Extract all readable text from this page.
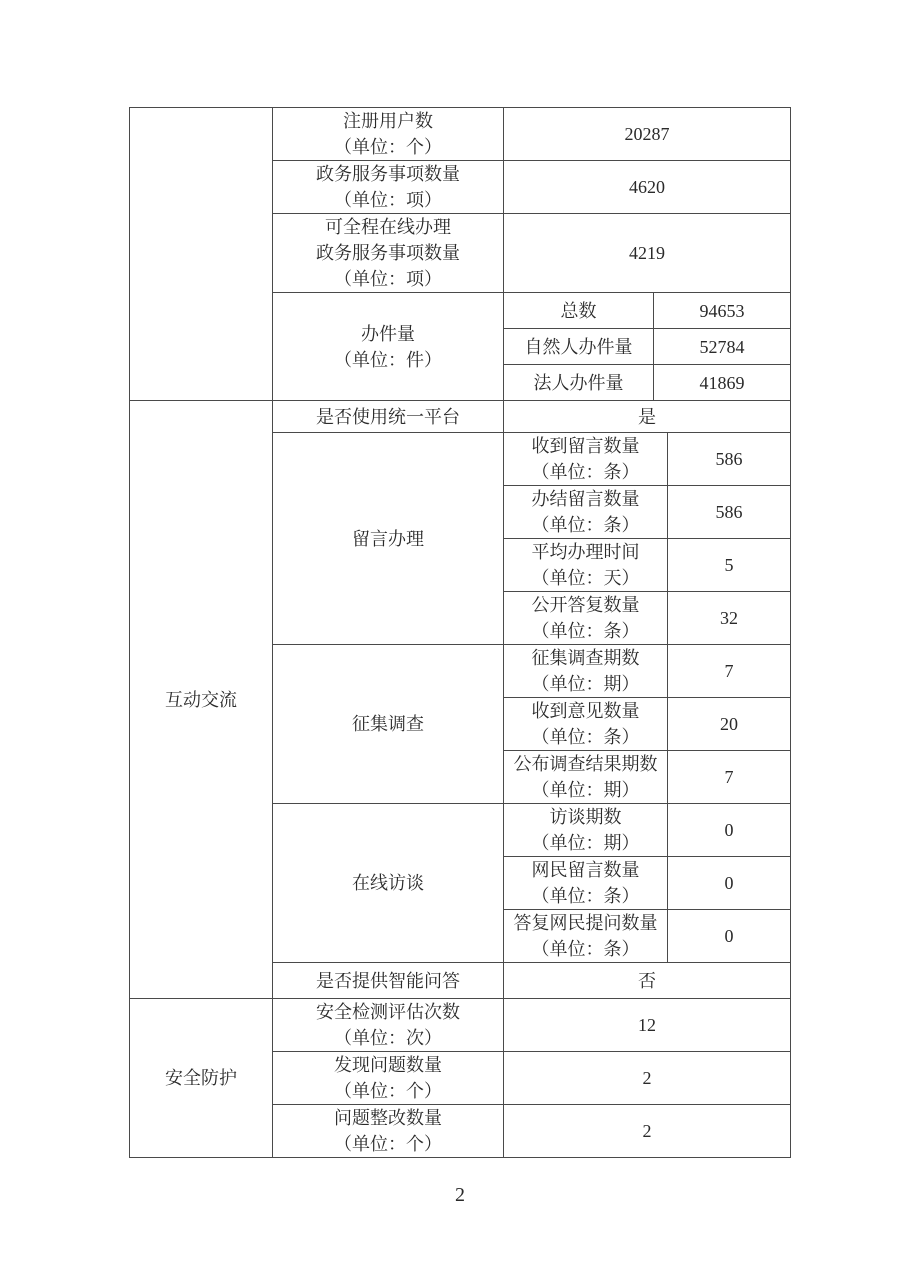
	注册用户数
（单位：个）	20287		

	政务服务事项数量
（单位：项）	4620		

	可全程在线办理
政务服务事项数量
（单位：项）	4219		

	办件量
（单位：件）	总数	94653	
		自然人办件量	52784	
		法人办件量	41869	
互动交流	是否使用统一平台	是		
	留言办理	收到留言数量
（单位：条）		586

		办结留言数量
（单位：条）		586

		平均办理时间
（单位：天）		5

		公开答复数量
（单位：条）		32
	征集调查	征集调查期数
（单位：期）		7

		收到意见数量
（单位：条）		20

		公布调查结果期数
（单位：期）		7
	在线访谈	访谈期数
（单位：期）		0

		网民留言数量
（单位：条）		0

		答复网民提问数量
（单位：条）		0
	是否提供智能问答	否		
安全防护	安全检测评估次数
（单位：次）	12		

	发现问题数量
（单位：个）	2		

	问题整改数量
（单位：个）	2		
2
